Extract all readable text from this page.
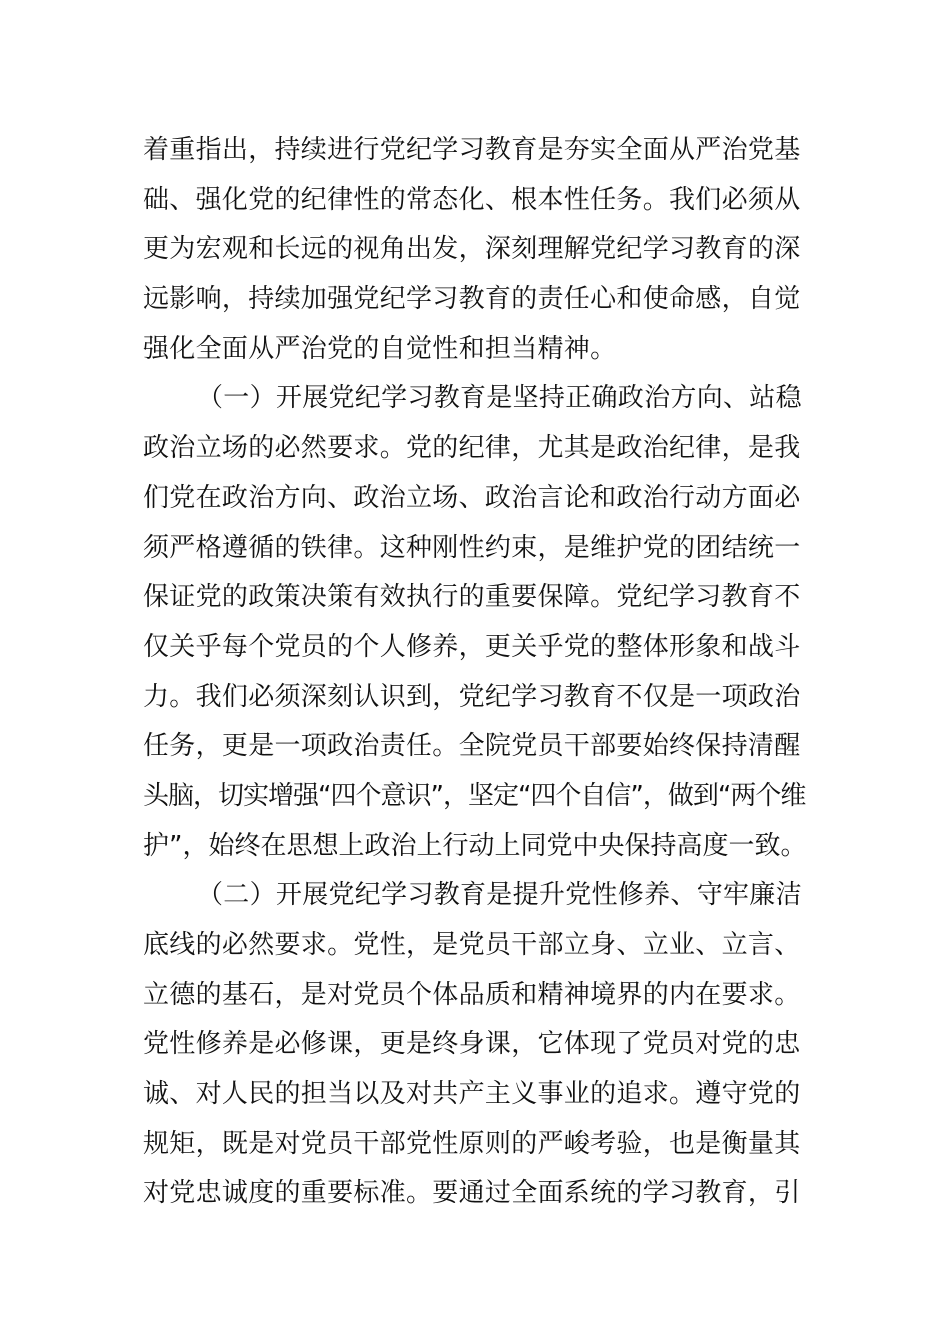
着重指出，持续进行党纪学习教育是夯实全面从严治党基
础、强化党的纪律性的常态化、根本性任务。我们必须从
更为宏观和长远的视角出发，深刻理解党纪学习教育的深
远影响，持续加强党纪学习教育的责任心和使命感，自觉
强化全面从严治党的自觉性和担当精神。
（一）开展党纪学习教育是坚持正确政治方向、站稳
政治立场的必然要求。党的纪律，尤其是政治纪律，是我
们党在政治方向、政治立场、政治言论和政治行动方面必
须严格遵循的铁律。这种刚性约束，是维护党的团结统一
保证党的政策决策有效执行的重要保障。党纪学习教育不
仅关乎每个党员的个人修养，更关乎党的整体形象和战斗
力。我们必须深刻认识到，党纪学习教育不仅是一项政治
任务，更是一项政治责任。全院党员干部要始终保持清醒
头脑，切实增强“四个意识”，坚定“四个自信”，做到“两个维
护”，始终在思想上政治上行动上同党中央保持高度一致。
（二）开展党纪学习教育是提升党性修养、守牢廉洁
底线的必然要求。党性，是党员干部立身、立业、立言、
立德的基石，是对党员个体品质和精神境界的内在要求。
党性修养是必修课，更是终身课，它体现了党员对党的忠
诚、对人民的担当以及对共产主义事业的追求。遵守党的
规矩，既是对党员干部党性原则的严峻考验，也是衡量其
对党忠诚度的重要标准。要通过全面系统的学习教育，引
